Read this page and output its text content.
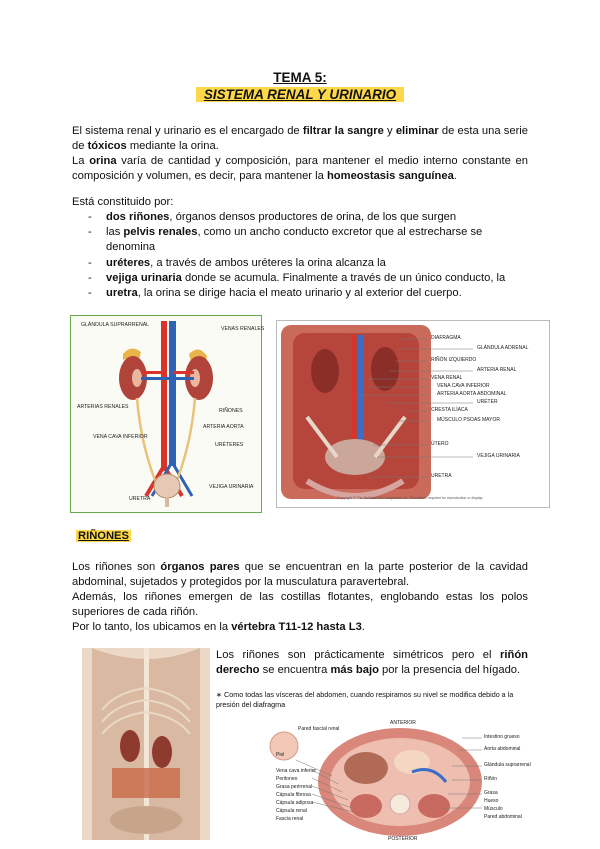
TEMA 5:
SISTEMA RENAL Y URINARIO
El sistema renal y urinario es el encargado de filtrar la sangre y eliminar de esta una serie de tóxicos mediante la orina.
La orina varía de cantidad y composición, para mantener el medio interno constante en composición y volumen, es decir, para mantener la homeostasis sanguínea.
Está constituido por:
- dos riñones, órganos densos productores de orina, de los que surgen
- las pelvis renales, como un ancho conducto excretor que al estrecharse se denomina
- uréteres, a través de ambos uréteres la orina alcanza la
- vejiga urinaria donde se acumula. Finalmente a través de un único conducto, la
- uretra, la orina se dirige hacia el meato urinario y al exterior del cuerpo.
GLÁNDULA SUPRARRENAL
VENAS RENALES
ARTERIAS RENALES
RIÑONES
ARTERIA AORTA
VENA CAVA INFERIOR
URÉTERES
VEJIGA URINARIA
URETRA
DIAFRAGMA
GLÁNDULA ADRENAL
RIÑÓN IZQUIERDO
ARTERIA RENAL
VENA RENAL
VENA CAVA INFERIOR
ARTERIA AORTA ABDOMINAL
URÉTER
CRESTA ILÍACA
MÚSCULO PSOAS MAYOR
ÚTERO
VEJIGA URINARIA
URETRA
Copyright © The McGraw-Hill Companies, Inc. Permission required for reproduction or display.
RIÑONES
Los riñones son órganos pares que se encuentran en la parte posterior de la cavidad abdominal, sujetados y protegidos por la musculatura paravertebral.
Además, los riñones emergen de las costillas flotantes, englobando estas los polos superiores de cada riñón.
Por lo tanto, los ubicamos en la vértebra T11-12 hasta L3.
Los riñones son prácticamente simétricos pero el riñón derecho se encuentra más bajo por la presencia del hígado.
∗ Como todas las vísceras del abdomen, cuando respiramos su nivel se modifica debido a la presión del diafragma
Pared fascial renal
Piel
Vena cava inferior
Peritoneo
Grasa perirrenal
Cápsula fibrosa
Cápsula adiposa
Cápsula renal
Fascia renal
Intestino grueso
Aorta abdominal
Glándula suprarrenal
Riñón
Grasa
Hueso
Músculo
Pared abdominal
ANTERIOR
POSTERIOR
